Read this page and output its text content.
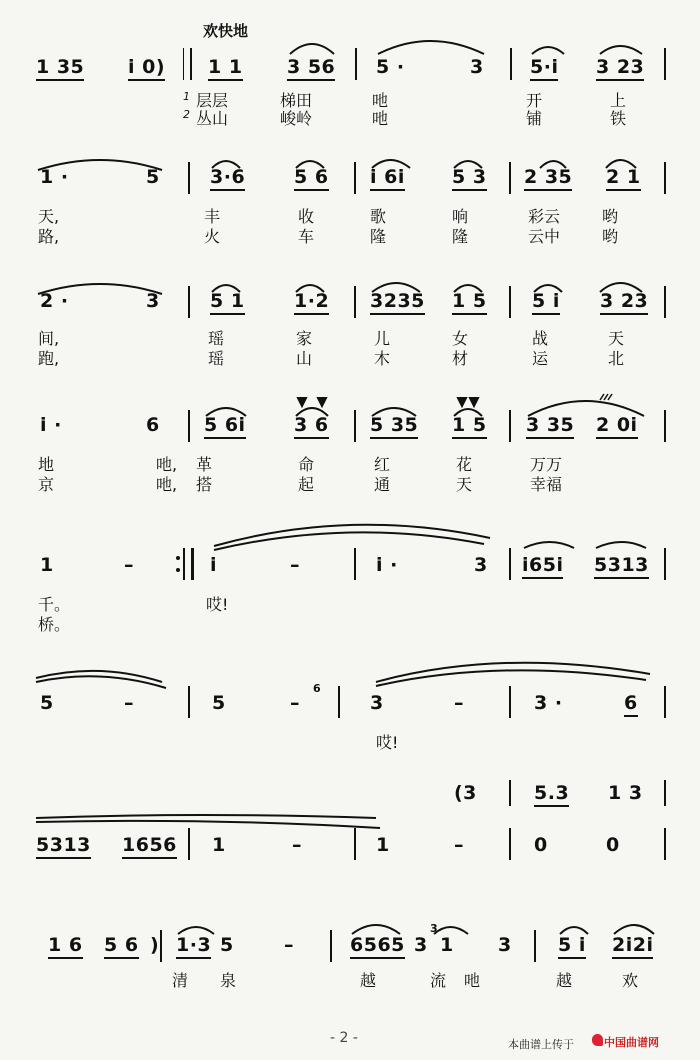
欢快地
1 35 i 0) 1 1 3 56 5 ·	3 5·i 3 23
1
2
层层	梯田	吔	开	上
丛山	峻岭	吔	铺	铁
1 ·	5	3·6	5 6 i 6i 5 3 2 35 2 1
天,	丰	收	歌	响	彩云	哟
路,	火	车	隆	隆	云中	哟
2 ·	3	5 1	1·2 3235 1 5 5 i 3 23
间,	瑶	家	儿	女	战	天
跑,	瑶	山	木	材	运	北
i ·	6 5 6i	3 6 5 35 1 5 3 35 2 0i
地	吔, 革	命	红	花	万万
京	吔, 搭	起	通	天	幸福
1	–	i	–	i ·	3 i65i 5313
千。	哎!
桥。
5	–	5	–
6
3	–	3 ·	6
哎!
(3	5.3 1 3
5313 1656 1	–	1	–	0	0
1 6 5 6 ) 1·3 5	–	6565 3
3
1 3 5 i 2i2i
清 泉	越	流吔	越	欢
- 2 -	本曲谱上传于	中国曲谱网
